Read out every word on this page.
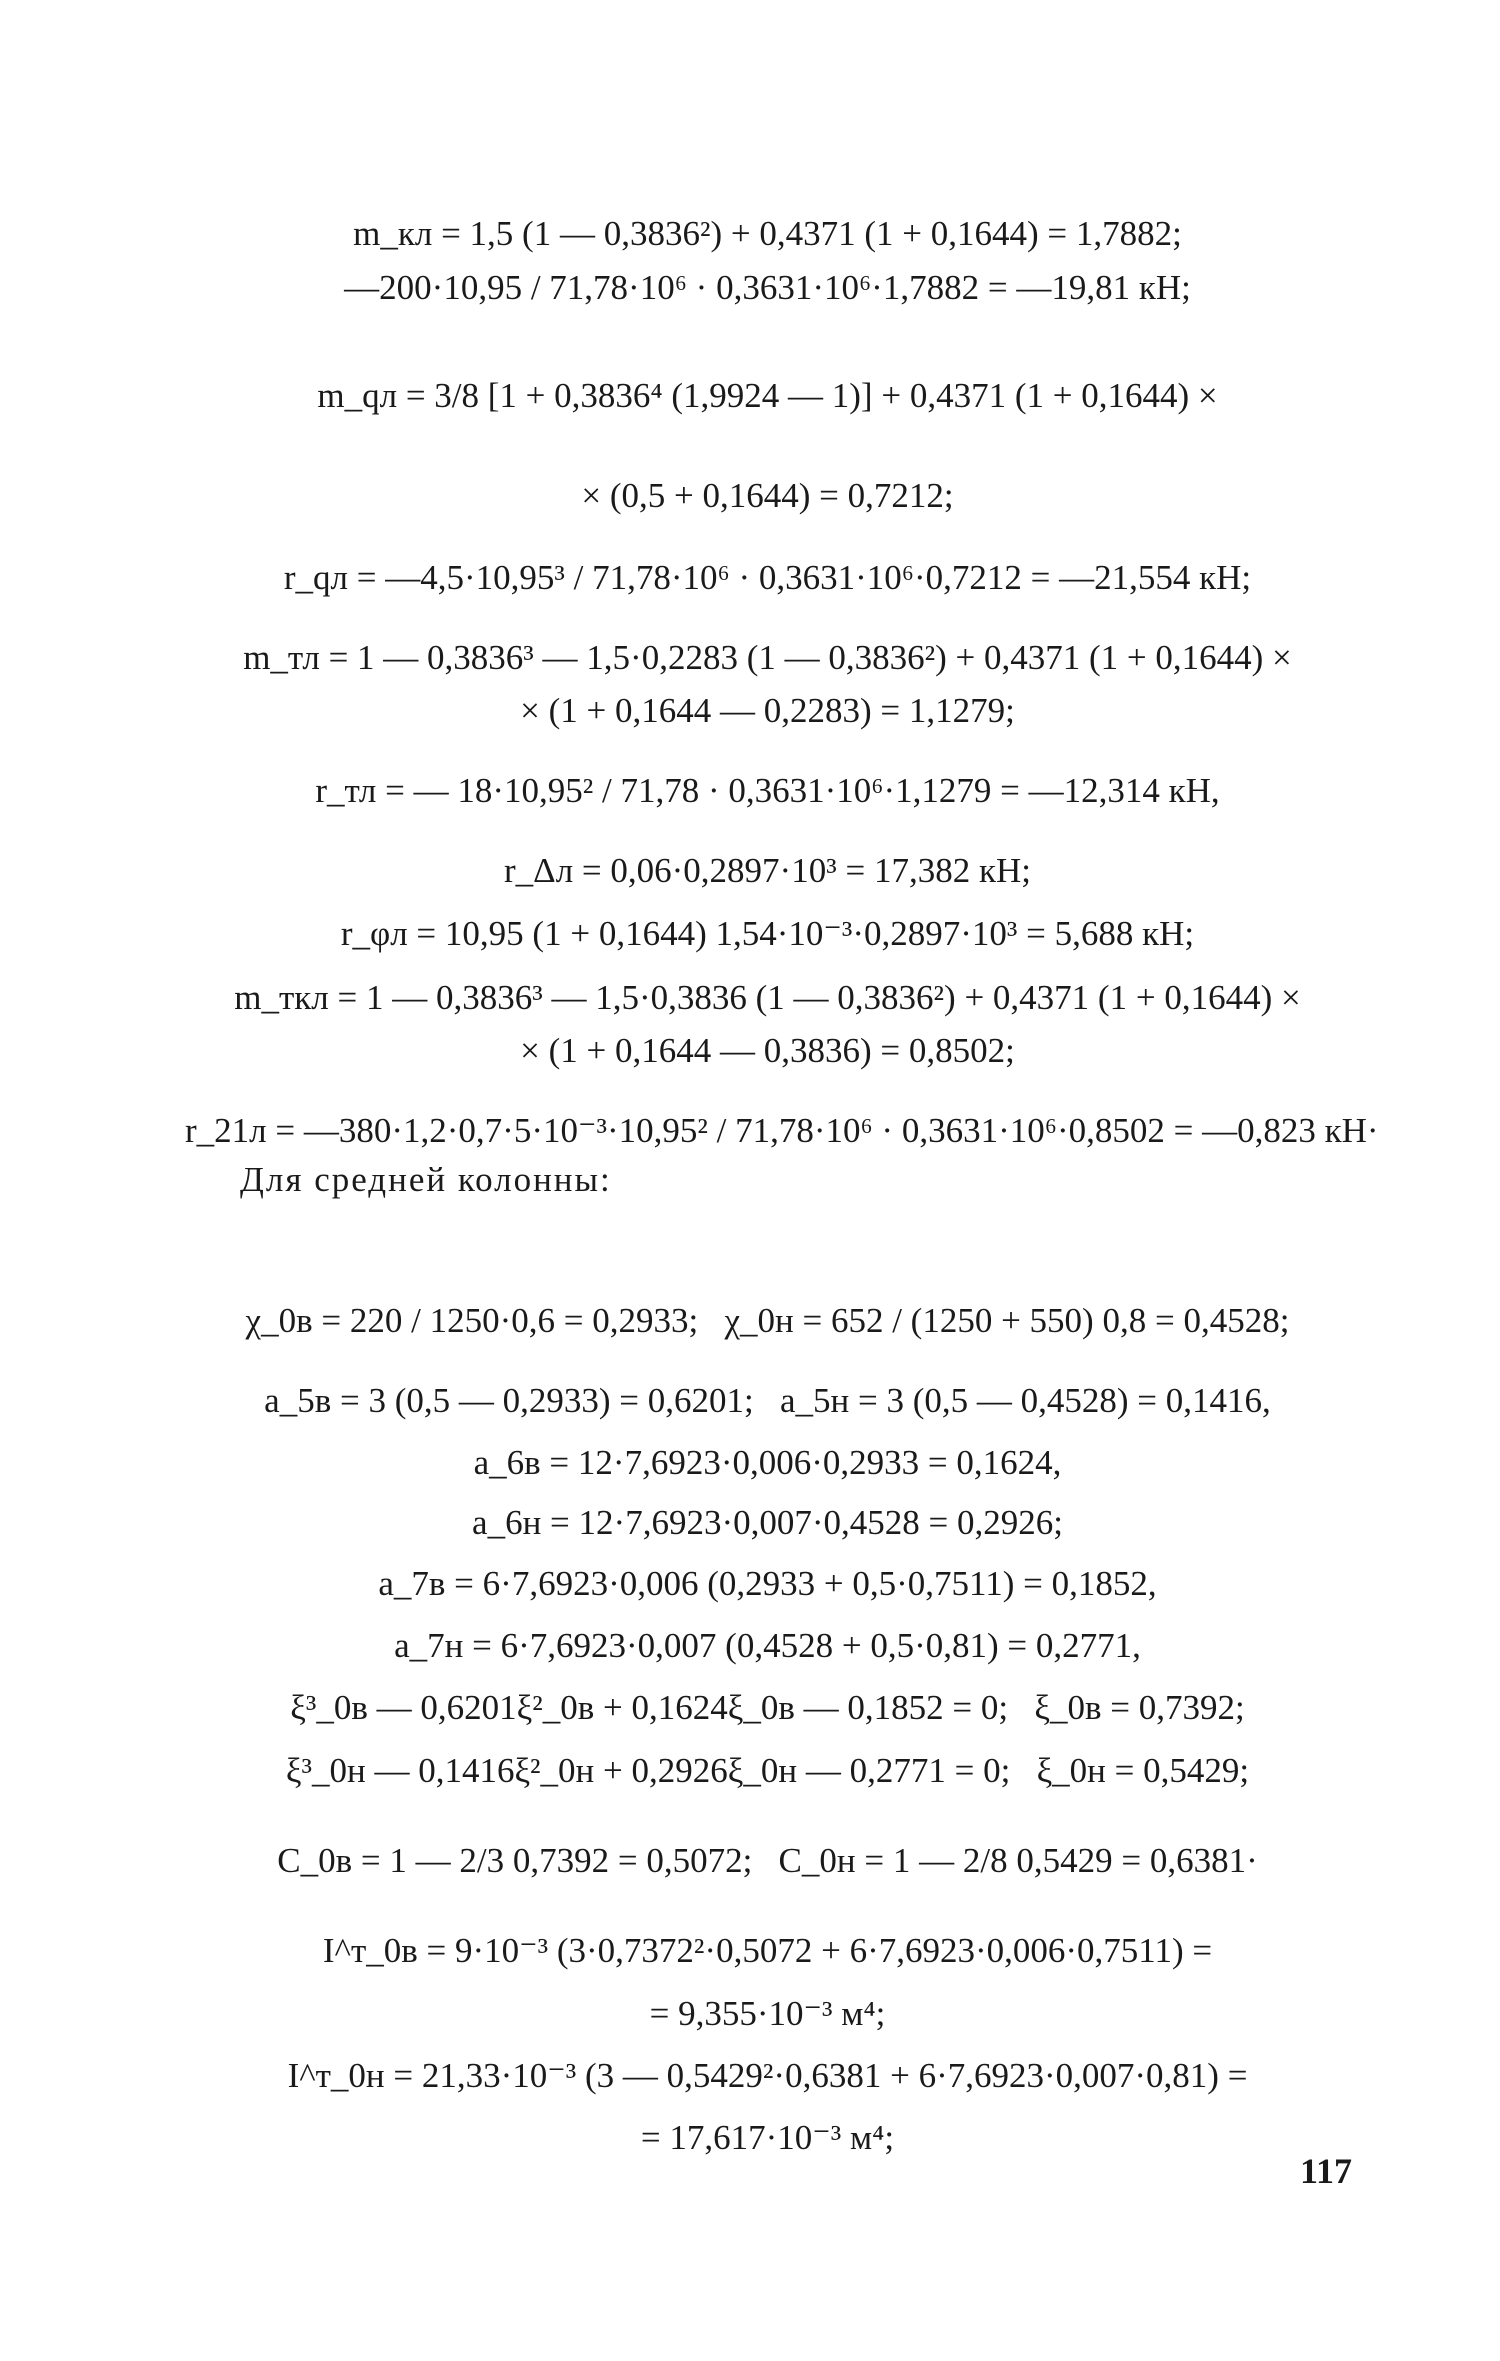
m_кл = 1,5 (1 — 0,3836²) + 0,4371 (1 + 0,1644) = 1,7882;

—200·10,95 / 71,78·10⁶ · 0,3631·10⁶·1,7882 = —19,81 кН;

m_qл = 3/8 [1 + 0,3836⁴ (1,9924 — 1)] + 0,4371 (1 + 0,1644) ×

× (0,5 + 0,1644) = 0,7212;

r_qл = —4,5·10,95³ / 71,78·10⁶ · 0,3631·10⁶·0,7212 = —21,554 кН;

m_тл = 1 — 0,3836³ — 1,5·0,2283 (1 — 0,3836²) + 0,4371 (1 + 0,1644) ×

× (1 + 0,1644 — 0,2283) = 1,1279;

r_тл = — 18·10,95² / 71,78 · 0,3631·10⁶·1,1279 = —12,314 кН,

r_Δл = 0,06·0,2897·10³ = 17,382 кН;

r_φл = 10,95 (1 + 0,1644) 1,54·10⁻³·0,2897·10³ = 5,688 кН;

m_ткл = 1 — 0,3836³ — 1,5·0,3836 (1 — 0,3836²) + 0,4371 (1 + 0,1644) ×

× (1 + 0,1644 — 0,3836) = 0,8502;

r_21л = —380·1,2·0,7·5·10⁻³·10,95² / 71,78·10⁶ · 0,3631·10⁶·0,8502 = —0,823 кН·

Для средней колонны:

χ_0в = 220 / 1250·0,6 = 0,2933;   χ_0н = 652 / (1250 + 550) 0,8 = 0,4528;

a_5в = 3 (0,5 — 0,2933) = 0,6201;   a_5н = 3 (0,5 — 0,4528) = 0,1416,

a_6в = 12·7,6923·0,006·0,2933 = 0,1624,

a_6н = 12·7,6923·0,007·0,4528 = 0,2926;

a_7в = 6·7,6923·0,006 (0,2933 + 0,5·0,7511) = 0,1852,

a_7н = 6·7,6923·0,007 (0,4528 + 0,5·0,81) = 0,2771,

ξ³_0в — 0,6201ξ²_0в + 0,1624ξ_0в — 0,1852 = 0;   ξ_0в = 0,7392;

ξ³_0н — 0,1416ξ²_0н + 0,2926ξ_0н — 0,2771 = 0;   ξ_0н = 0,5429;

C_0в = 1 — 2/3 0,7392 = 0,5072;   C_0н = 1 — 2/8 0,5429 = 0,6381·

I^т_0в = 9·10⁻³ (3·0,7372²·0,5072 + 6·7,6923·0,006·0,7511) =

= 9,355·10⁻³ м⁴;

I^т_0н = 21,33·10⁻³ (3 — 0,5429²·0,6381 + 6·7,6923·0,007·0,81) =

= 17,617·10⁻³ м⁴;

117
